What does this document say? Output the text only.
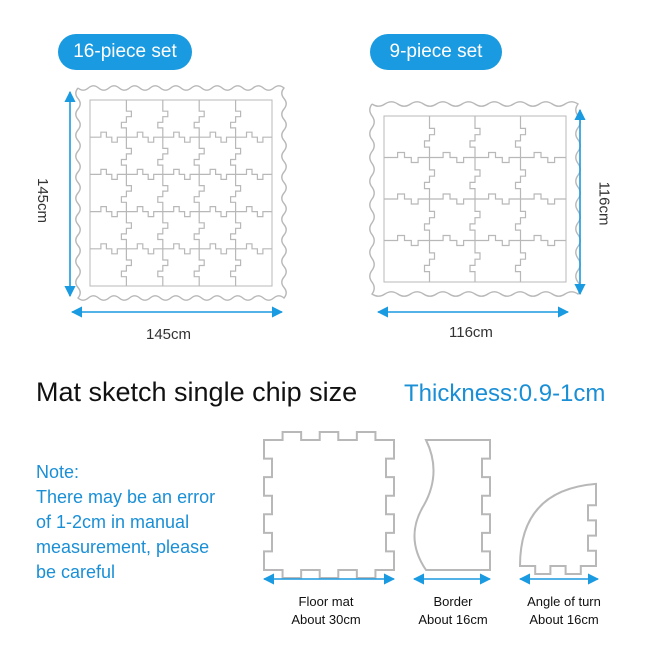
16-piece set	9-piece set
145cm
145cm
116cm
116cm
Mat sketch single chip size Thickness:0.9-1cm
Note:
There may be an error
of 1-2cm in manual
measurement, please
be careful
Floor mat
About 30cm
Border
About 16cm
Angle of turn
About 16cm
